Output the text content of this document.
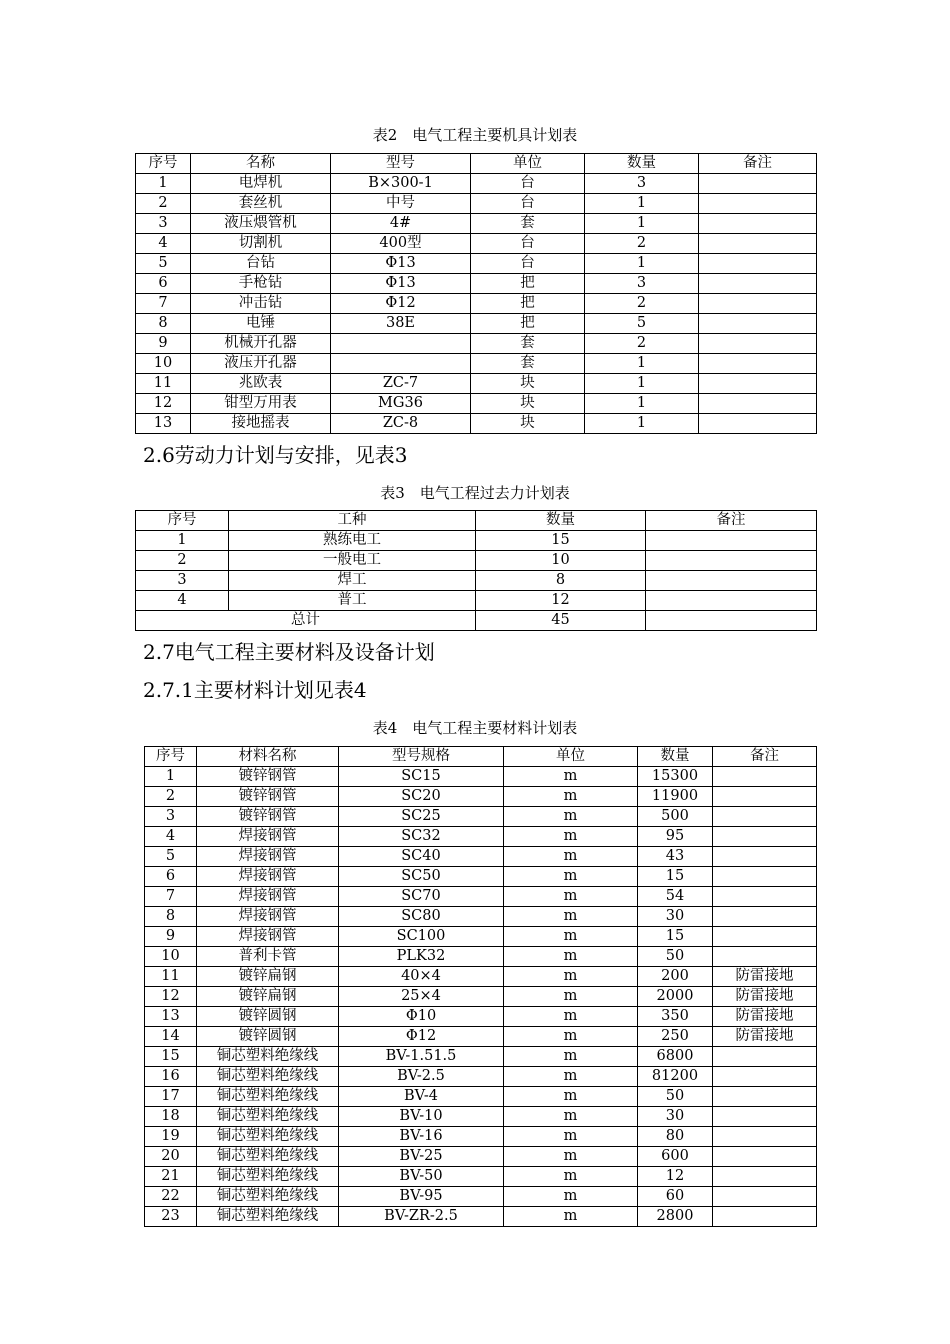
表2　电气工程主要机具计划表
序号	名称	型号	单位	数量	备注
1	电焊机	B×300-1	台	3	
2	套丝机	中号	台	1	
3	液压煨管机	4#	套	1	
4	切割机	400型	台	2	
5	台钻	Φ13	台	1	
6	手枪钻	Φ13	把	3	
7	冲击钻	Φ12	把	2	
8	电锤	38E	把	5	
9	机械开孔器		套	2	
10	液压开孔器		套	1	
11	兆欧表	ZC-7	块	1	
12	钳型万用表	MG36	块	1	
13	接地摇表	ZC-8	块	1	
2.6劳动力计划与安排，见表3
表3　电气工程过去力计划表
序号	工种	数量	备注
1	熟练电工	15	
2	一般电工	10	
3	焊工	8	
4	普工	12	
总计		45	
2.7电气工程主要材料及设备计划
2.7.1主要材料计划见表4
表4　电气工程主要材料计划表
序号	材料名称	型号规格	单位	数量	备注
1	镀锌钢管	SC15	m	15300	
2	镀锌钢管	SC20	m	11900	
3	镀锌钢管	SC25	m	500	
4	焊接钢管	SC32	m	95	
5	焊接钢管	SC40	m	43	
6	焊接钢管	SC50	m	15	
7	焊接钢管	SC70	m	54	
8	焊接钢管	SC80	m	30	
9	焊接钢管	SC100	m	15	
10	普利卡管	PLK32	m	50	
11	镀锌扁钢	40×4	m	200	防雷接地
12	镀锌扁钢	25×4	m	2000	防雷接地
13	镀锌圆钢	Φ10	m	350	防雷接地
14	镀锌圆钢	Φ12	m	250	防雷接地
15	铜芯塑料绝缘线	BV-1.51.5	m	6800	
16	铜芯塑料绝缘线	BV-2.5	m	81200	
17	铜芯塑料绝缘线	BV-4	m	50	
18	铜芯塑料绝缘线	BV-10	m	30	
19	铜芯塑料绝缘线	BV-16	m	80	
20	铜芯塑料绝缘线	BV-25	m	600	
21	铜芯塑料绝缘线	BV-50	m	12	
22	铜芯塑料绝缘线	BV-95	m	60	
23	铜芯塑料绝缘线	BV-ZR-2.5	m	2800	
